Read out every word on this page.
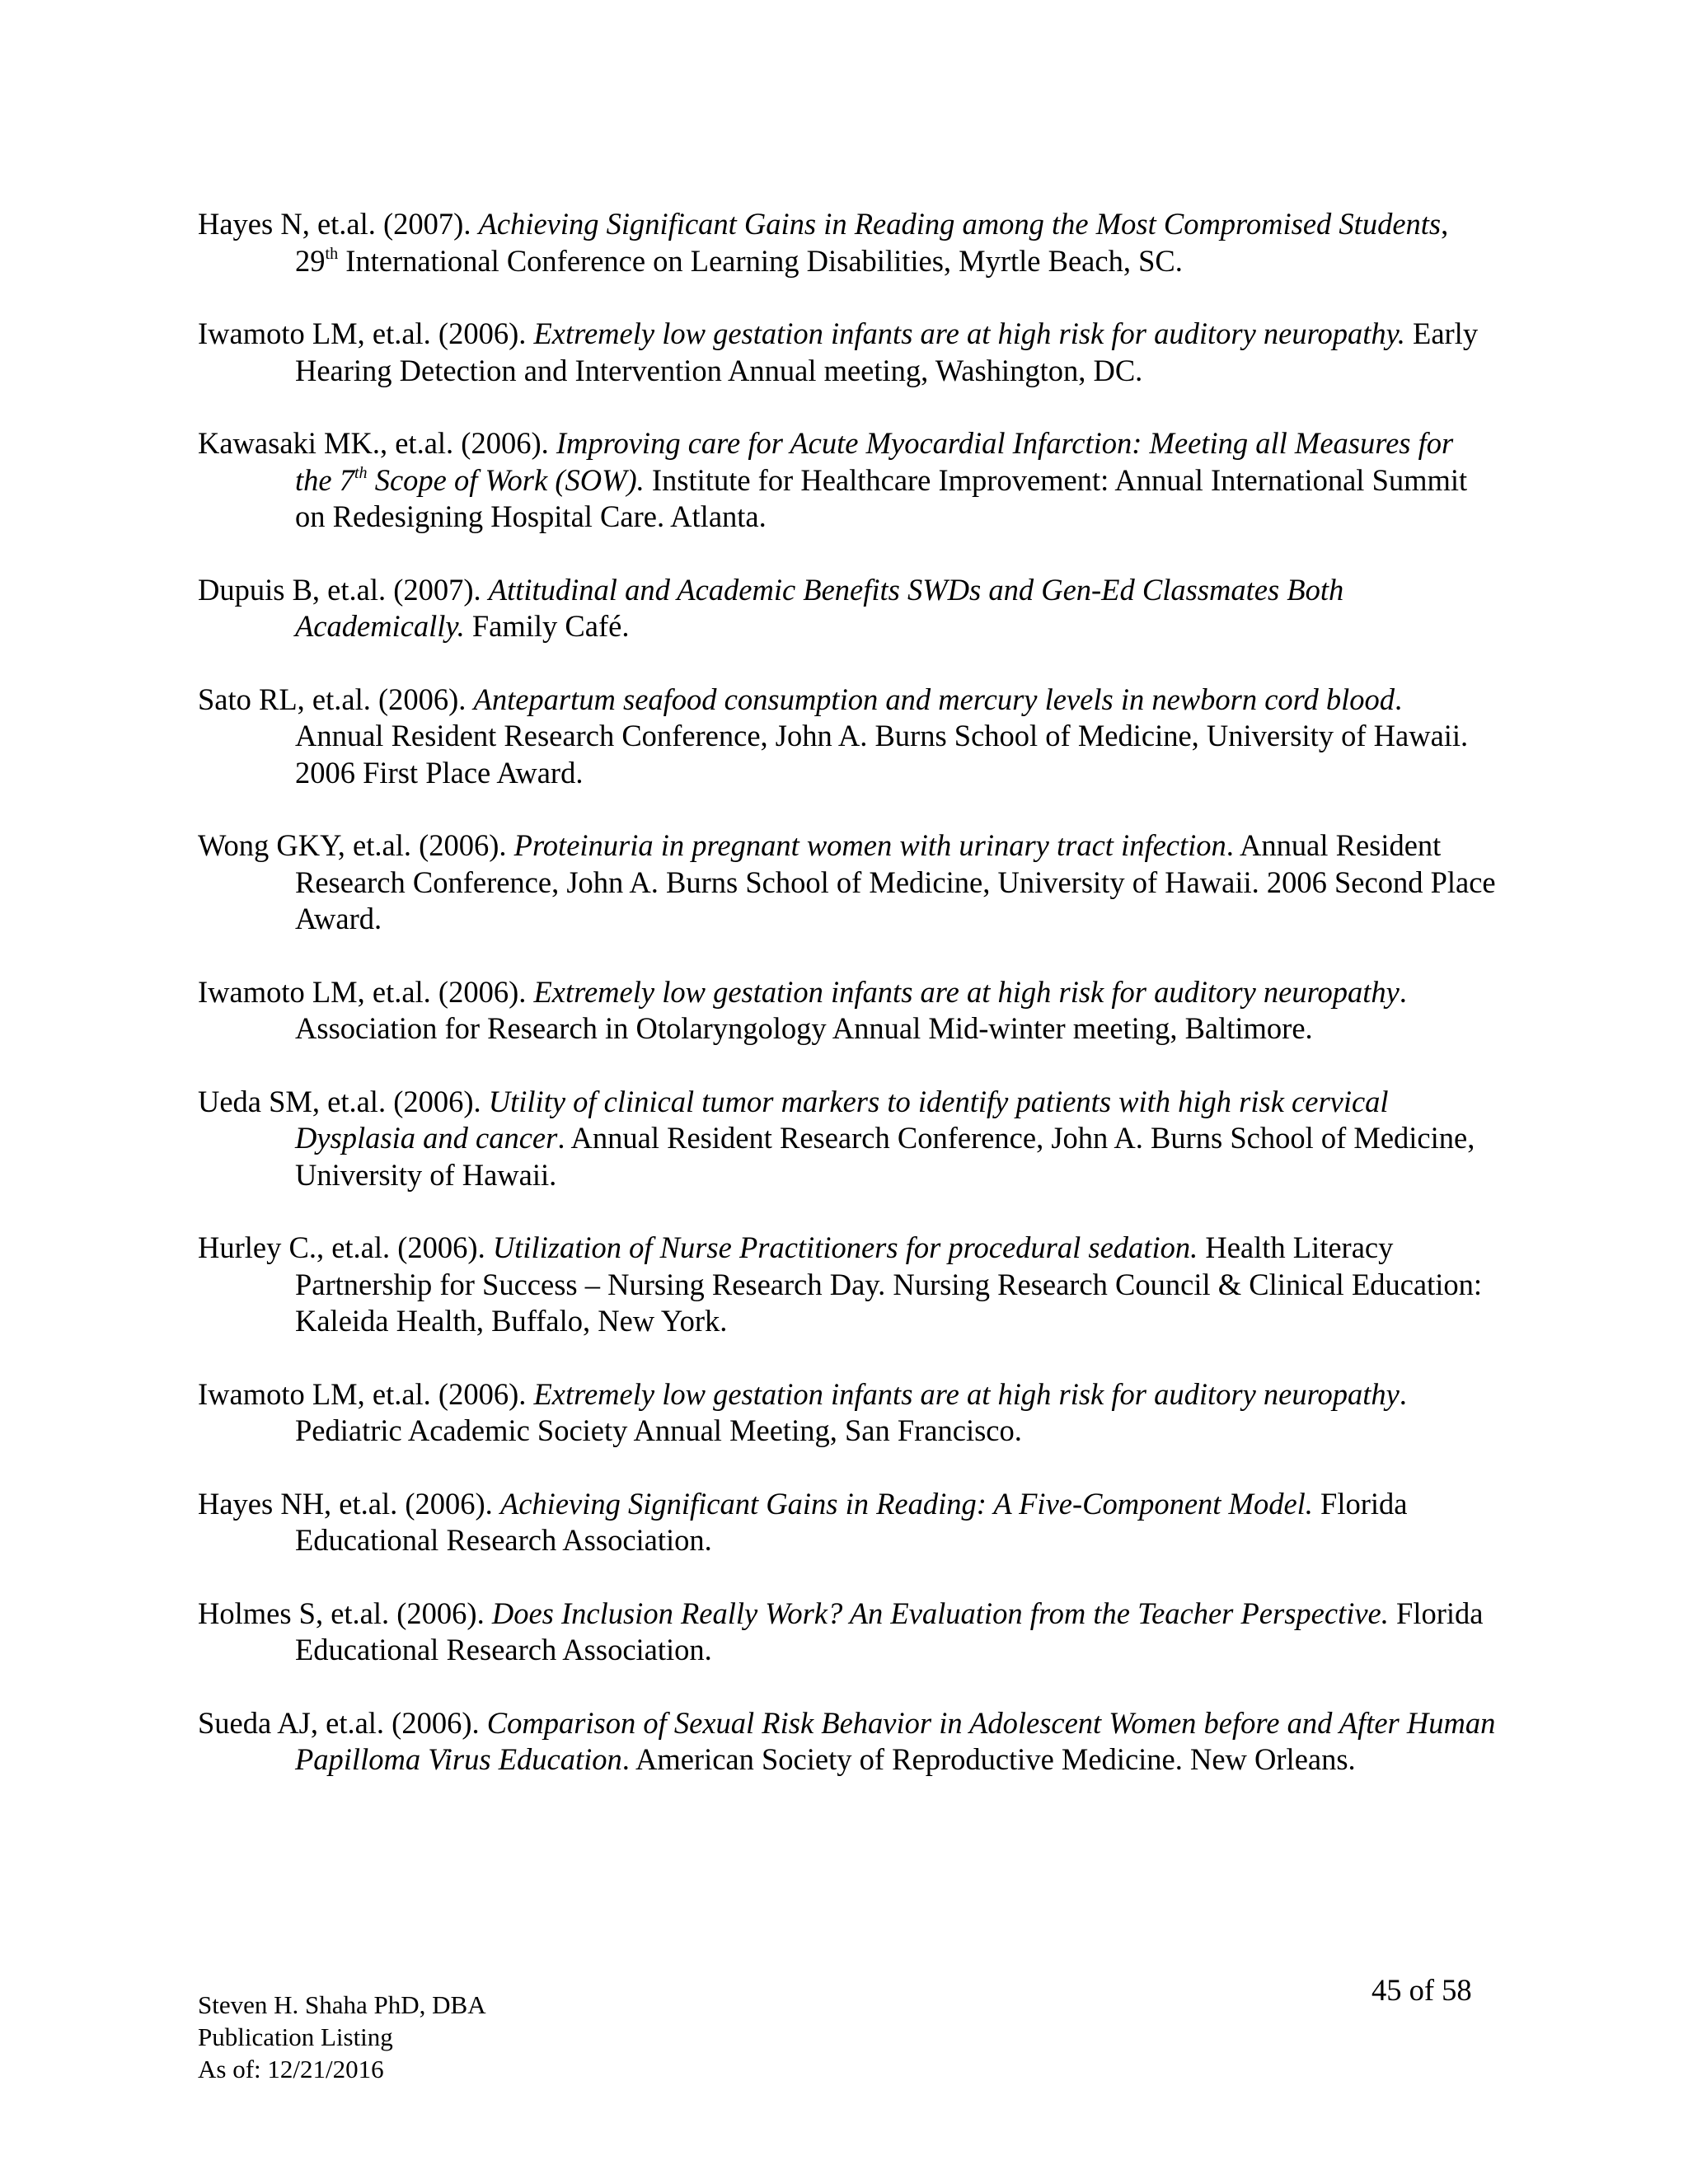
Hayes N, et.al. (2007). Achieving Significant Gains in Reading among the Most Compromised Students, 29th International Conference on Learning Disabilities, Myrtle Beach, SC.

Iwamoto LM, et.al. (2006). Extremely low gestation infants are at high risk for auditory neuropathy. Early Hearing Detection and Intervention Annual meeting, Washington, DC.

Kawasaki MK., et.al. (2006). Improving care for Acute Myocardial Infarction: Meeting all Measures for the 7th Scope of Work (SOW). Institute for Healthcare Improvement: Annual International Summit on Redesigning Hospital Care. Atlanta.

Dupuis B, et.al. (2007). Attitudinal and Academic Benefits SWDs and Gen-Ed Classmates Both Academically. Family Café.

Sato RL, et.al. (2006). Antepartum seafood consumption and mercury levels in newborn cord blood. Annual Resident Research Conference, John A. Burns School of Medicine, University of Hawaii. 2006 First Place Award.

Wong GKY, et.al. (2006). Proteinuria in pregnant women with urinary tract infection. Annual Resident Research Conference, John A. Burns School of Medicine, University of Hawaii. 2006 Second Place Award.

Iwamoto LM, et.al. (2006). Extremely low gestation infants are at high risk for auditory neuropathy. Association for Research in Otolaryngology Annual Mid-winter meeting, Baltimore.

Ueda SM, et.al. (2006). Utility of clinical tumor markers to identify patients with high risk cervical Dysplasia and cancer. Annual Resident Research Conference, John A. Burns School of Medicine, University of Hawaii.

Hurley C., et.al. (2006). Utilization of Nurse Practitioners for procedural sedation. Health Literacy Partnership for Success – Nursing Research Day. Nursing Research Council & Clinical Education: Kaleida Health, Buffalo, New York.

Iwamoto LM, et.al. (2006). Extremely low gestation infants are at high risk for auditory neuropathy. Pediatric Academic Society Annual Meeting, San Francisco.

Hayes NH, et.al. (2006). Achieving Significant Gains in Reading: A Five-Component Model. Florida Educational Research Association.

Holmes S, et.al. (2006). Does Inclusion Really Work? An Evaluation from the Teacher Perspective. Florida Educational Research Association.

Sueda AJ, et.al. (2006). Comparison of Sexual Risk Behavior in Adolescent Women before and After Human Papilloma Virus Education. American Society of Reproductive Medicine. New Orleans.

45 of 58
Steven H. Shaha PhD, DBA
Publication Listing
As of: 12/21/2016
